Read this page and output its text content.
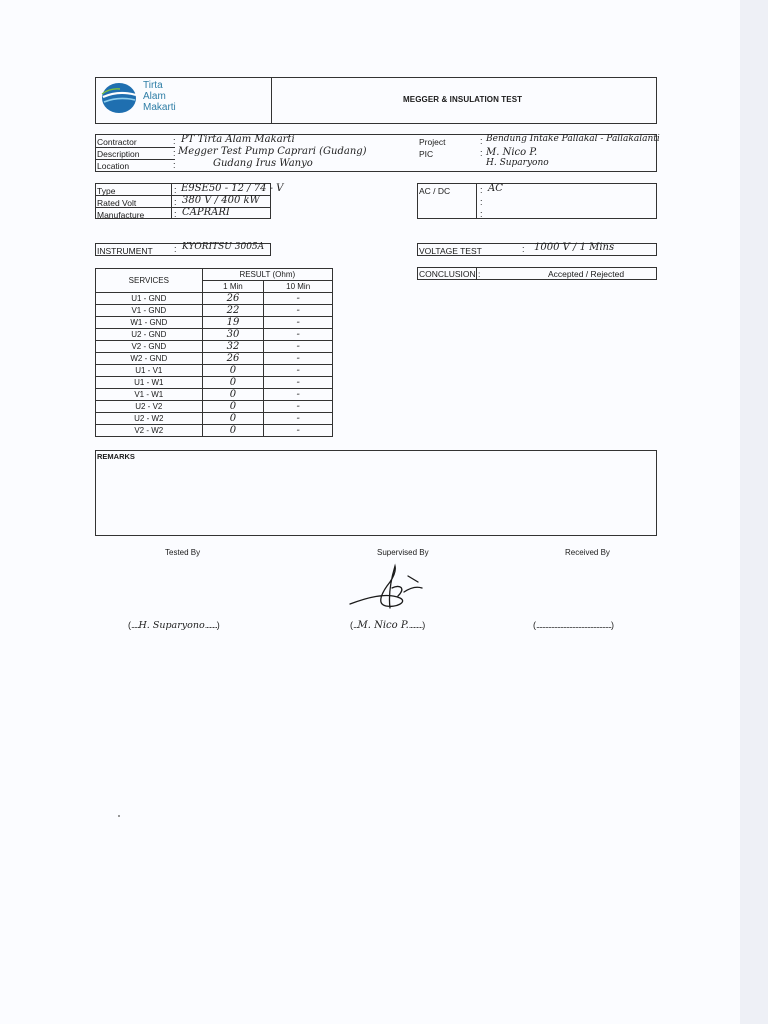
Tirta
Alam
Makarti
MEGGER & INSULATION TEST
Contractor	: PT Tirta Alam Makarti
Description	: Megger Test Pump Caprari (Gudang)
Location	:	Gudang Irus Wanyo
Project	: Bendung Intake Pallakal - Pallakalanti
PIC	: M. Nico P.
H. Suparyono
Type	: E9SE50 - 12 / 74 - V
Rated Volt	: 380 V / 400 kW
Manufacture	: CAPRARI
AC / DC	:
:
:
AC
INSTRUMENT : KYORITSU 3005A	VOLTAGE TEST	: 1000 V / 1 Mins
CONCLUSION :	Accepted / Rejected
SERVICES	RESULT (Ohm)	
	1 Min	10 Min
U1 - GND	26	-
V1 - GND	22	-
W1 - GND	19	-
U2 - GND	30	-
V2 - GND	32	-
W2 - GND	26	-
U1 - V1	0	-
U1 - W1	0	-
V1 - W1	0	-
U2 - V2	0	-
U2 - W2	0	-
V2 - W2	0	-
REMARKS
Tested By	Supervised By	Received By
(.....H. Suparyono........)	(...M. Nico P..........)	(..................................................)
